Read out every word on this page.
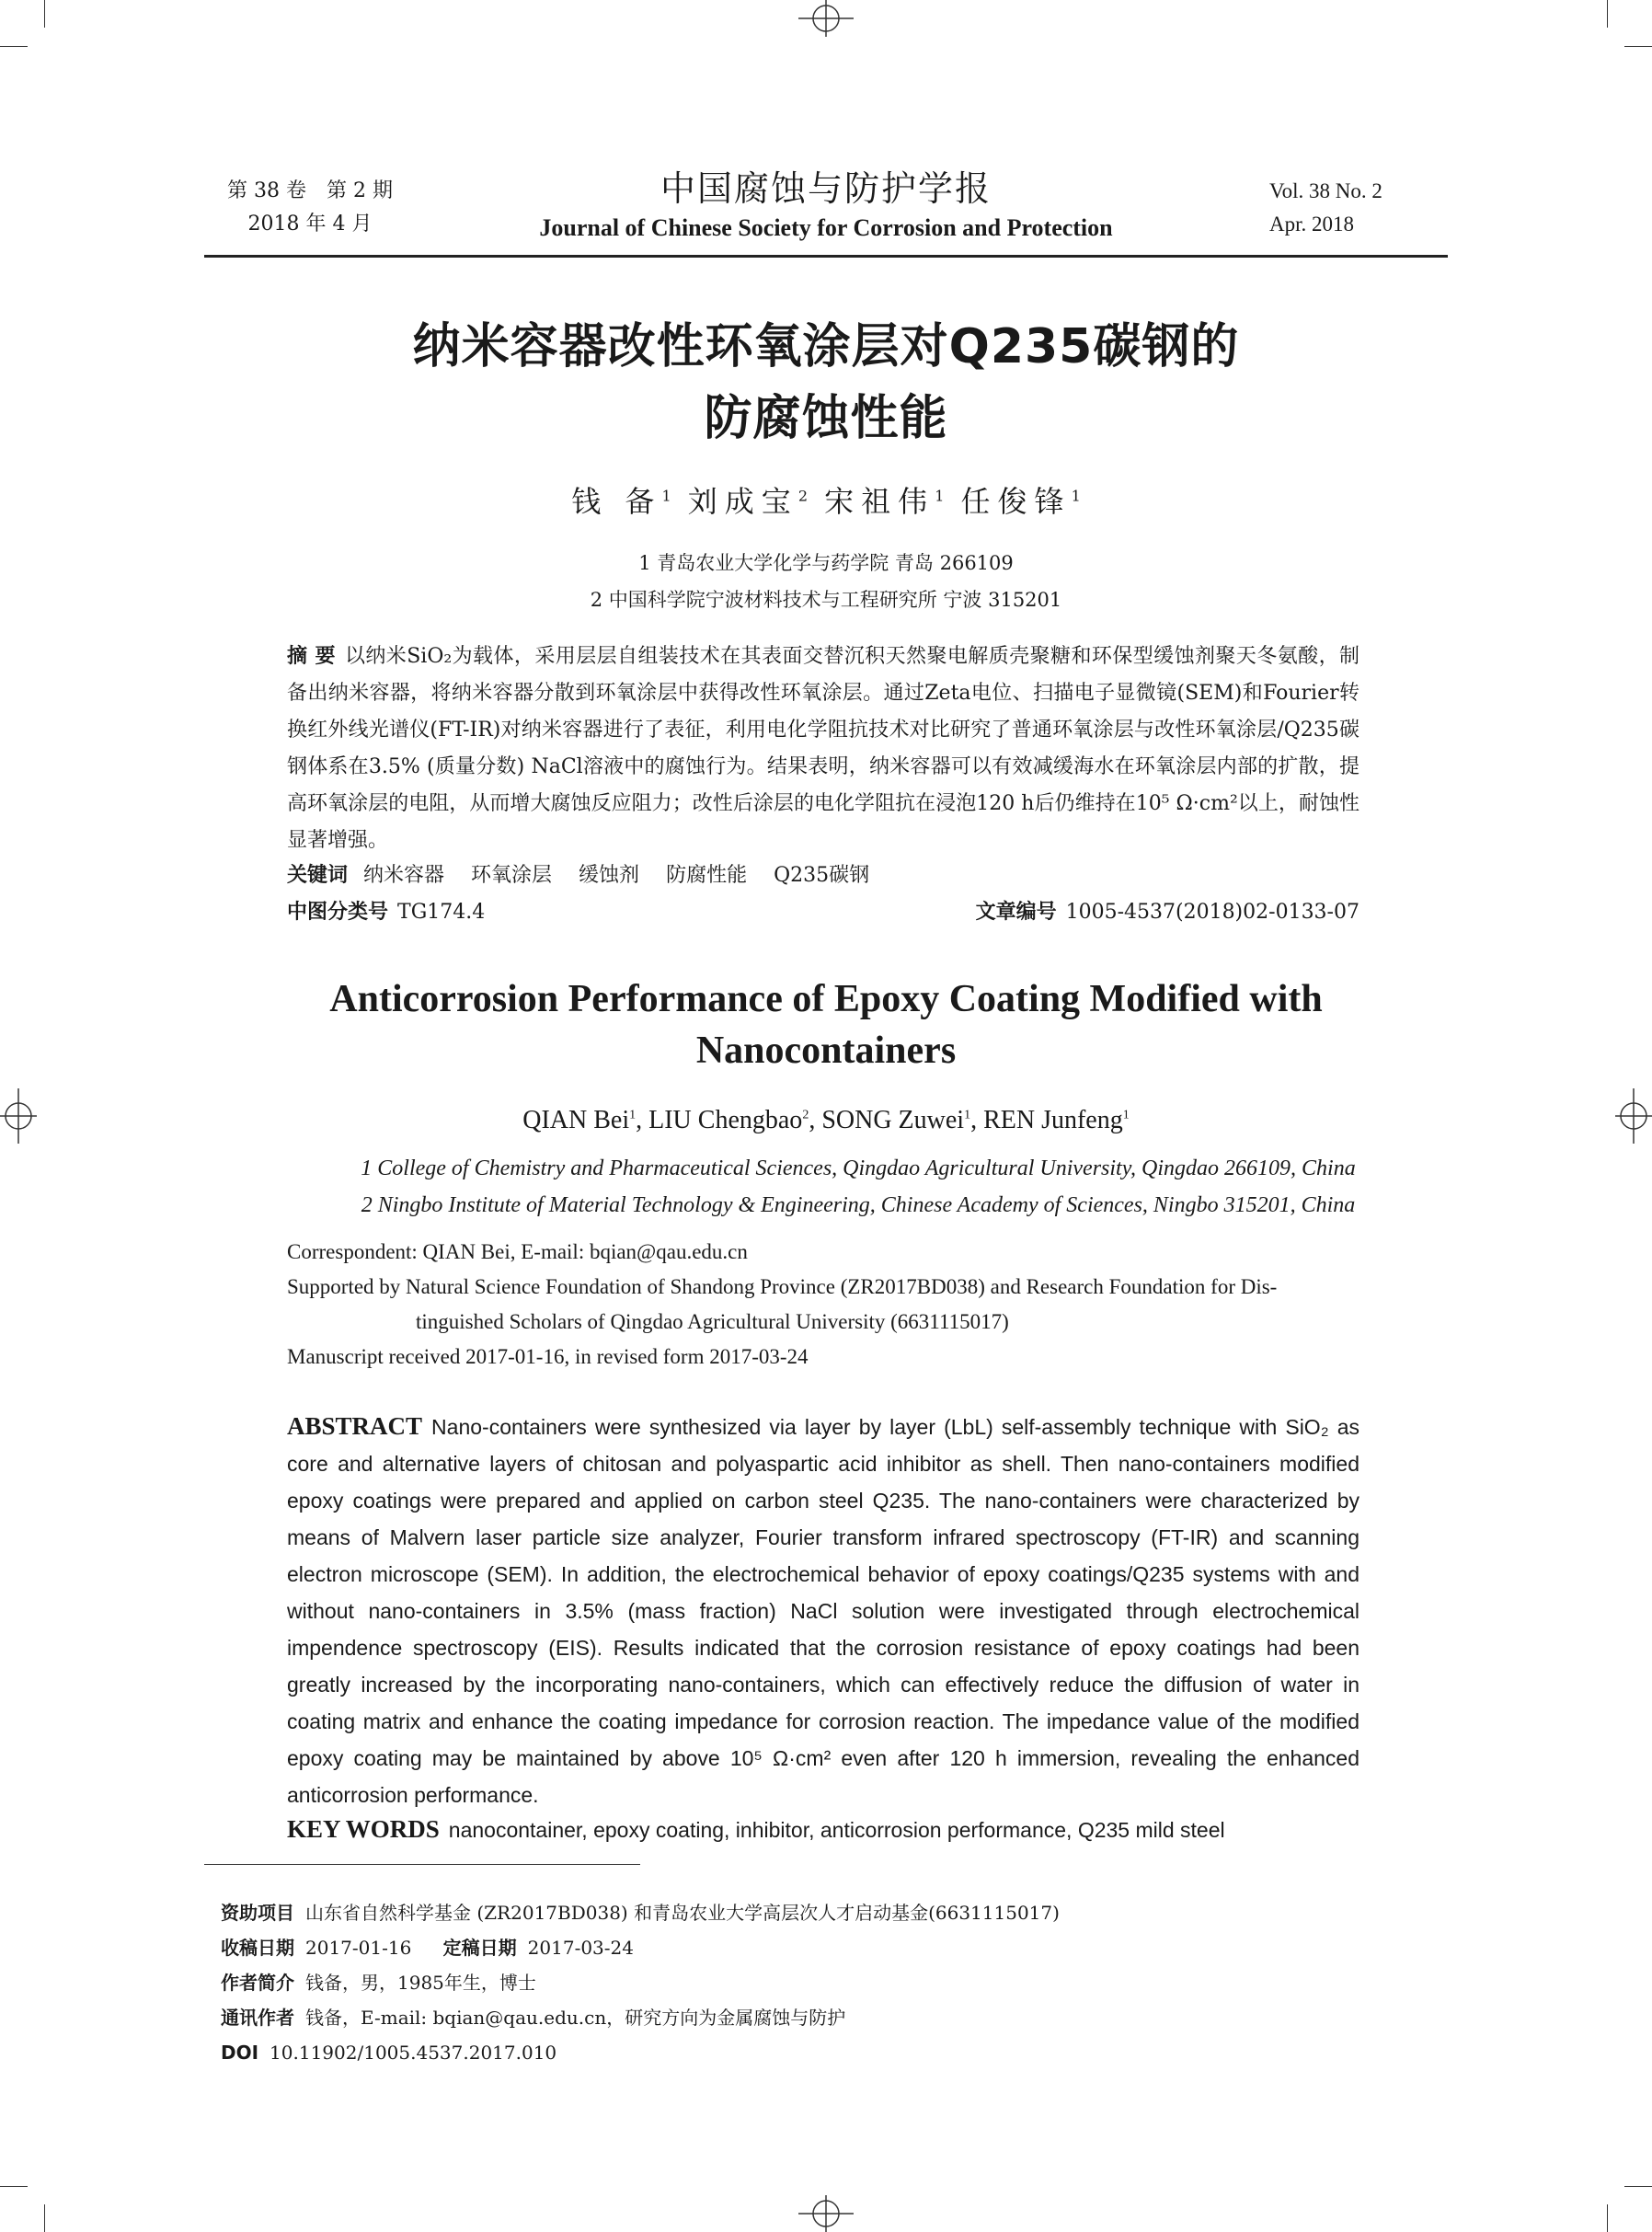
第 38 卷　第 2 期
2018 年 4 月
中国腐蚀与防护学报
Journal of Chinese Society for Corrosion and Protection
Vol. 38 No. 2
Apr. 2018
纳米容器改性环氧涂层对Q235碳钢的
防腐蚀性能
钱 备$^1$ 刘成宝$^2$ 宋祖伟$^1$ 任俊锋$^1$
1 青岛农业大学化学与药学院 青岛 266109
2 中国科学院宁波材料技术与工程研究所 宁波 315201
摘 要 以纳米SiO₂为载体，采用层层自组装技术在其表面交替沉积天然聚电解质壳聚糖和环保型缓蚀剂聚天冬氨酸，制备出纳米容器，将纳米容器分散到环氧涂层中获得改性环氧涂层。通过Zeta电位、扫描电子显微镜(SEM)和Fourier转换红外线光谱仪(FT-IR)对纳米容器进行了表征，利用电化学阻抗技术对比研究了普通环氧涂层与改性环氧涂层/Q235碳钢体系在3.5% (质量分数) NaCl溶液中的腐蚀行为。结果表明，纳米容器可以有效减缓海水在环氧涂层内部的扩散，提高环氧涂层的电阻，从而增大腐蚀反应阻力；改性后涂层的电化学阻抗在浸泡120 h后仍维持在10⁵ Ω·cm²以上，耐蚀性显著增强。
关键词 纳米容器 环氧涂层 缓蚀剂 防腐性能 Q235碳钢
中图分类号 TG174.4	文章编号 1005-4537(2018)02-0133-07
Anticorrosion Performance of Epoxy Coating Modified with
Nanocontainers
QIAN Bei$^1$, LIU Chengbao$^2$, SONG Zuwei$^1$, REN Junfeng$^1$
1 College of Chemistry and Pharmaceutical Sciences, Qingdao Agricultural University, Qingdao 266109, China
2 Ningbo Institute of Material Technology & Engineering, Chinese Academy of Sciences, Ningbo 315201, China
Correspondent: QIAN Bei, E-mail: bqian@qau.edu.cn
Supported by Natural Science Foundation of Shandong Province (ZR2017BD038) and Research Foundation for Dis-
tinguished Scholars of Qingdao Agricultural University (6631115017)
Manuscript received 2017-01-16, in revised form 2017-03-24
ABSTRACT Nano-containers were synthesized via layer by layer (LbL) self-assembly technique with SiO₂ as core and alternative layers of chitosan and polyaspartic acid inhibitor as shell. Then nano-containers modified epoxy coatings were prepared and applied on carbon steel Q235. The nano-containers were characterized by means of Malvern laser particle size analyzer, Fourier transform infrared spectroscopy (FT-IR) and scanning electron microscope (SEM). In addition, the electrochemical behavior of epoxy coatings/Q235 systems with and without nano-containers in 3.5% (mass fraction) NaCl solution were investigated through electrochemical impendence spectroscopy (EIS). Results indicated that the corrosion resistance of epoxy coatings had been greatly increased by the incorporating nano-containers, which can effectively reduce the diffusion of water in coating matrix and enhance the coating impedance for corrosion reaction. The impedance value of the modified epoxy coating may be maintained by above 10⁵ Ω·cm² even after 120 h immersion, revealing the enhanced anticorrosion performance.
KEY WORDS nanocontainer, epoxy coating, inhibitor, anticorrosion performance, Q235 mild steel
资助项目 山东省自然科学基金 (ZR2017BD038) 和青岛农业大学高层次人才启动基金(6631115017)
收稿日期 2017-01-16 定稿日期 2017-03-24
作者简介 钱备，男，1985年生，博士
通讯作者 钱备，E-mail: bqian@qau.edu.cn，研究方向为金属腐蚀与防护
DOI 10.11902/1005.4537.2017.010
